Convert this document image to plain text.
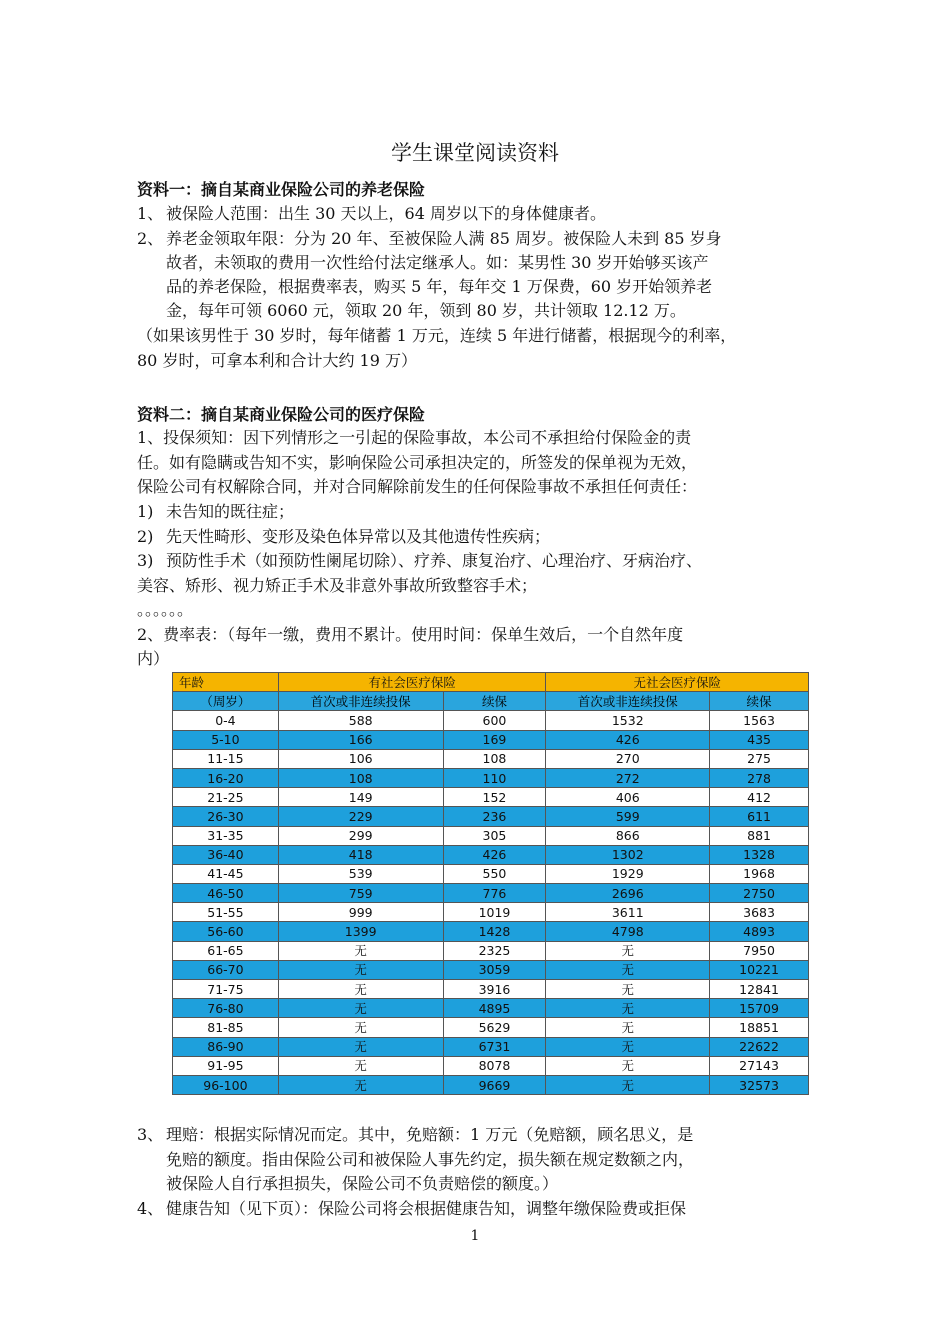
学生课堂阅读资料
资料一：摘自某商业保险公司的养老保险
1、 被保险人范围：出生 30 天以上，64 周岁以下的身体健康者。
2、 养老金领取年限：分为 20 年、至被保险人满 85 周岁。被保险人未到 85 岁身
故者，未领取的费用一次性给付法定继承人。如：某男性 30 岁开始够买该产
品的养老保险，根据费率表，购买 5 年，每年交 1 万保费，60 岁开始领养老
金，每年可领 6060 元，领取 20 年，领到 80 岁，共计领取 12.12 万。
（如果该男性于 30 岁时，每年储蓄 1 万元，连续 5 年进行储蓄，根据现今的利率，
80 岁时，可拿本利和合计大约 19 万）
资料二：摘自某商业保险公司的医疗保险
1、投保须知：因下列情形之一引起的保险事故，本公司不承担给付保险金的责
任。如有隐瞒或告知不实，影响保险公司承担决定的，所签发的保单视为无效，
保险公司有权解除合同，并对合同解除前发生的任何保险事故不承担任何责任：
1) 未告知的既往症；
2) 先天性畸形、变形及染色体异常以及其他遗传性疾病；
3) 预防性手术（如预防性阑尾切除）、疗养、康复治疗、心理治疗、牙病治疗、
美容、矫形、视力矫正手术及非意外事故所致整容手术；
。。。。。。
2、费率表：（每年一缴，费用不累计。使用时间：保单生效后，一个自然年度
内）
年龄	有社会医疗保险		无社会医疗保险	
（周岁）	首次或非连续投保	续保	首次或非连续投保	续保
0-4	588	600	1532	1563
5-10	166	169	426	435
11-15	106	108	270	275
16-20	108	110	272	278
21-25	149	152	406	412
26-30	229	236	599	611
31-35	299	305	866	881
36-40	418	426	1302	1328
41-45	539	550	1929	1968
46-50	759	776	2696	2750
51-55	999	1019	3611	3683
56-60	1399	1428	4798	4893
61-65	无	2325	无	7950
66-70	无	3059	无	10221
71-75	无	3916	无	12841
76-80	无	4895	无	15709
81-85	无	5629	无	18851
86-90	无	6731	无	22622
91-95	无	8078	无	27143
96-100	无	9669	无	32573
3、 理赔：根据实际情况而定。其中，免赔额：1 万元（免赔额，顾名思义，是
免赔的额度。指由保险公司和被保险人事先约定，损失额在规定数额之内，
被保险人自行承担损失，保险公司不负责赔偿的额度。）
4、 健康告知（见下页）：保险公司将会根据健康告知，调整年缴保险费或拒保
1
